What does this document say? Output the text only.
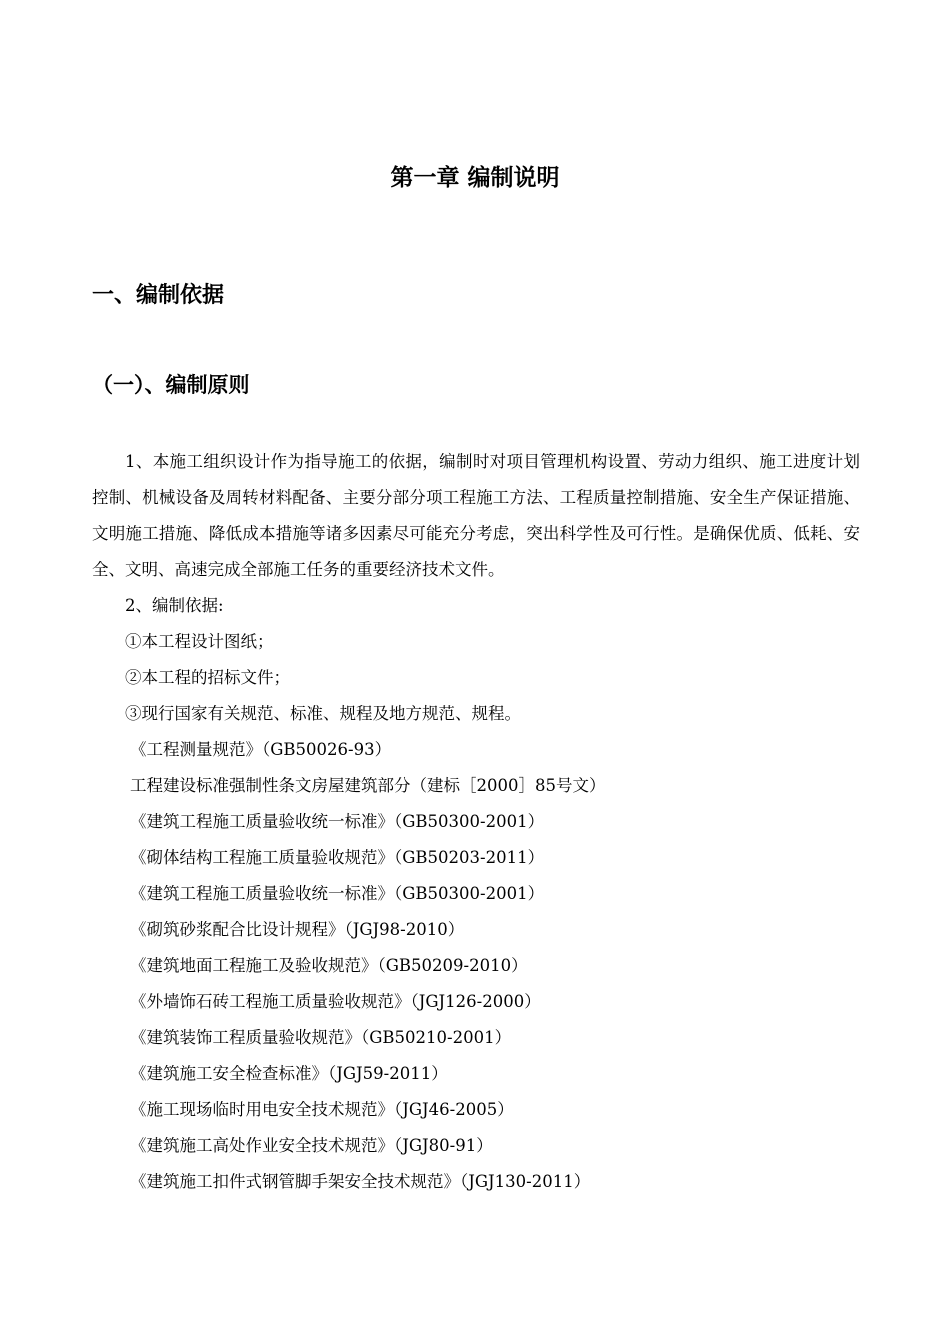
第一章 编制说明
一、编制依据
（一）、编制原则

1、本施工组织设计作为指导施工的依据，编制时对项目管理机构设置、劳动力组织、施工进度计划控制、机械设备及周转材料配备、主要分部分项工程施工方法、工程质量控制措施、安全生产保证措施、文明施工措施、降低成本措施等诸多因素尽可能充分考虑，突出科学性及可行性。是确保优质、低耗、安全、文明、高速完成全部施工任务的重要经济技术文件。

2、编制依据:

①本工程设计图纸；

②本工程的招标文件；

③现行国家有关规范、标准、规程及地方规范、规程。

《工程测量规范》（GB50026-93）

工程建设标准强制性条文房屋建筑部分（建标［2000］85号文）

《建筑工程施工质量验收统一标准》（GB50300-2001）

《砌体结构工程施工质量验收规范》（GB50203-2011）

《建筑工程施工质量验收统一标准》（GB50300-2001）

《砌筑砂浆配合比设计规程》（JGJ98-2010）

《建筑地面工程施工及验收规范》（GB50209-2010）

《外墙饰石砖工程施工质量验收规范》（JGJ126-2000）

《建筑装饰工程质量验收规范》（GB50210-2001）

《建筑施工安全检查标准》（JGJ59-2011）

《施工现场临时用电安全技术规范》（JGJ46-2005）

《建筑施工高处作业安全技术规范》（JGJ80-91）

《建筑施工扣件式钢管脚手架安全技术规范》（JGJ130-2011）
